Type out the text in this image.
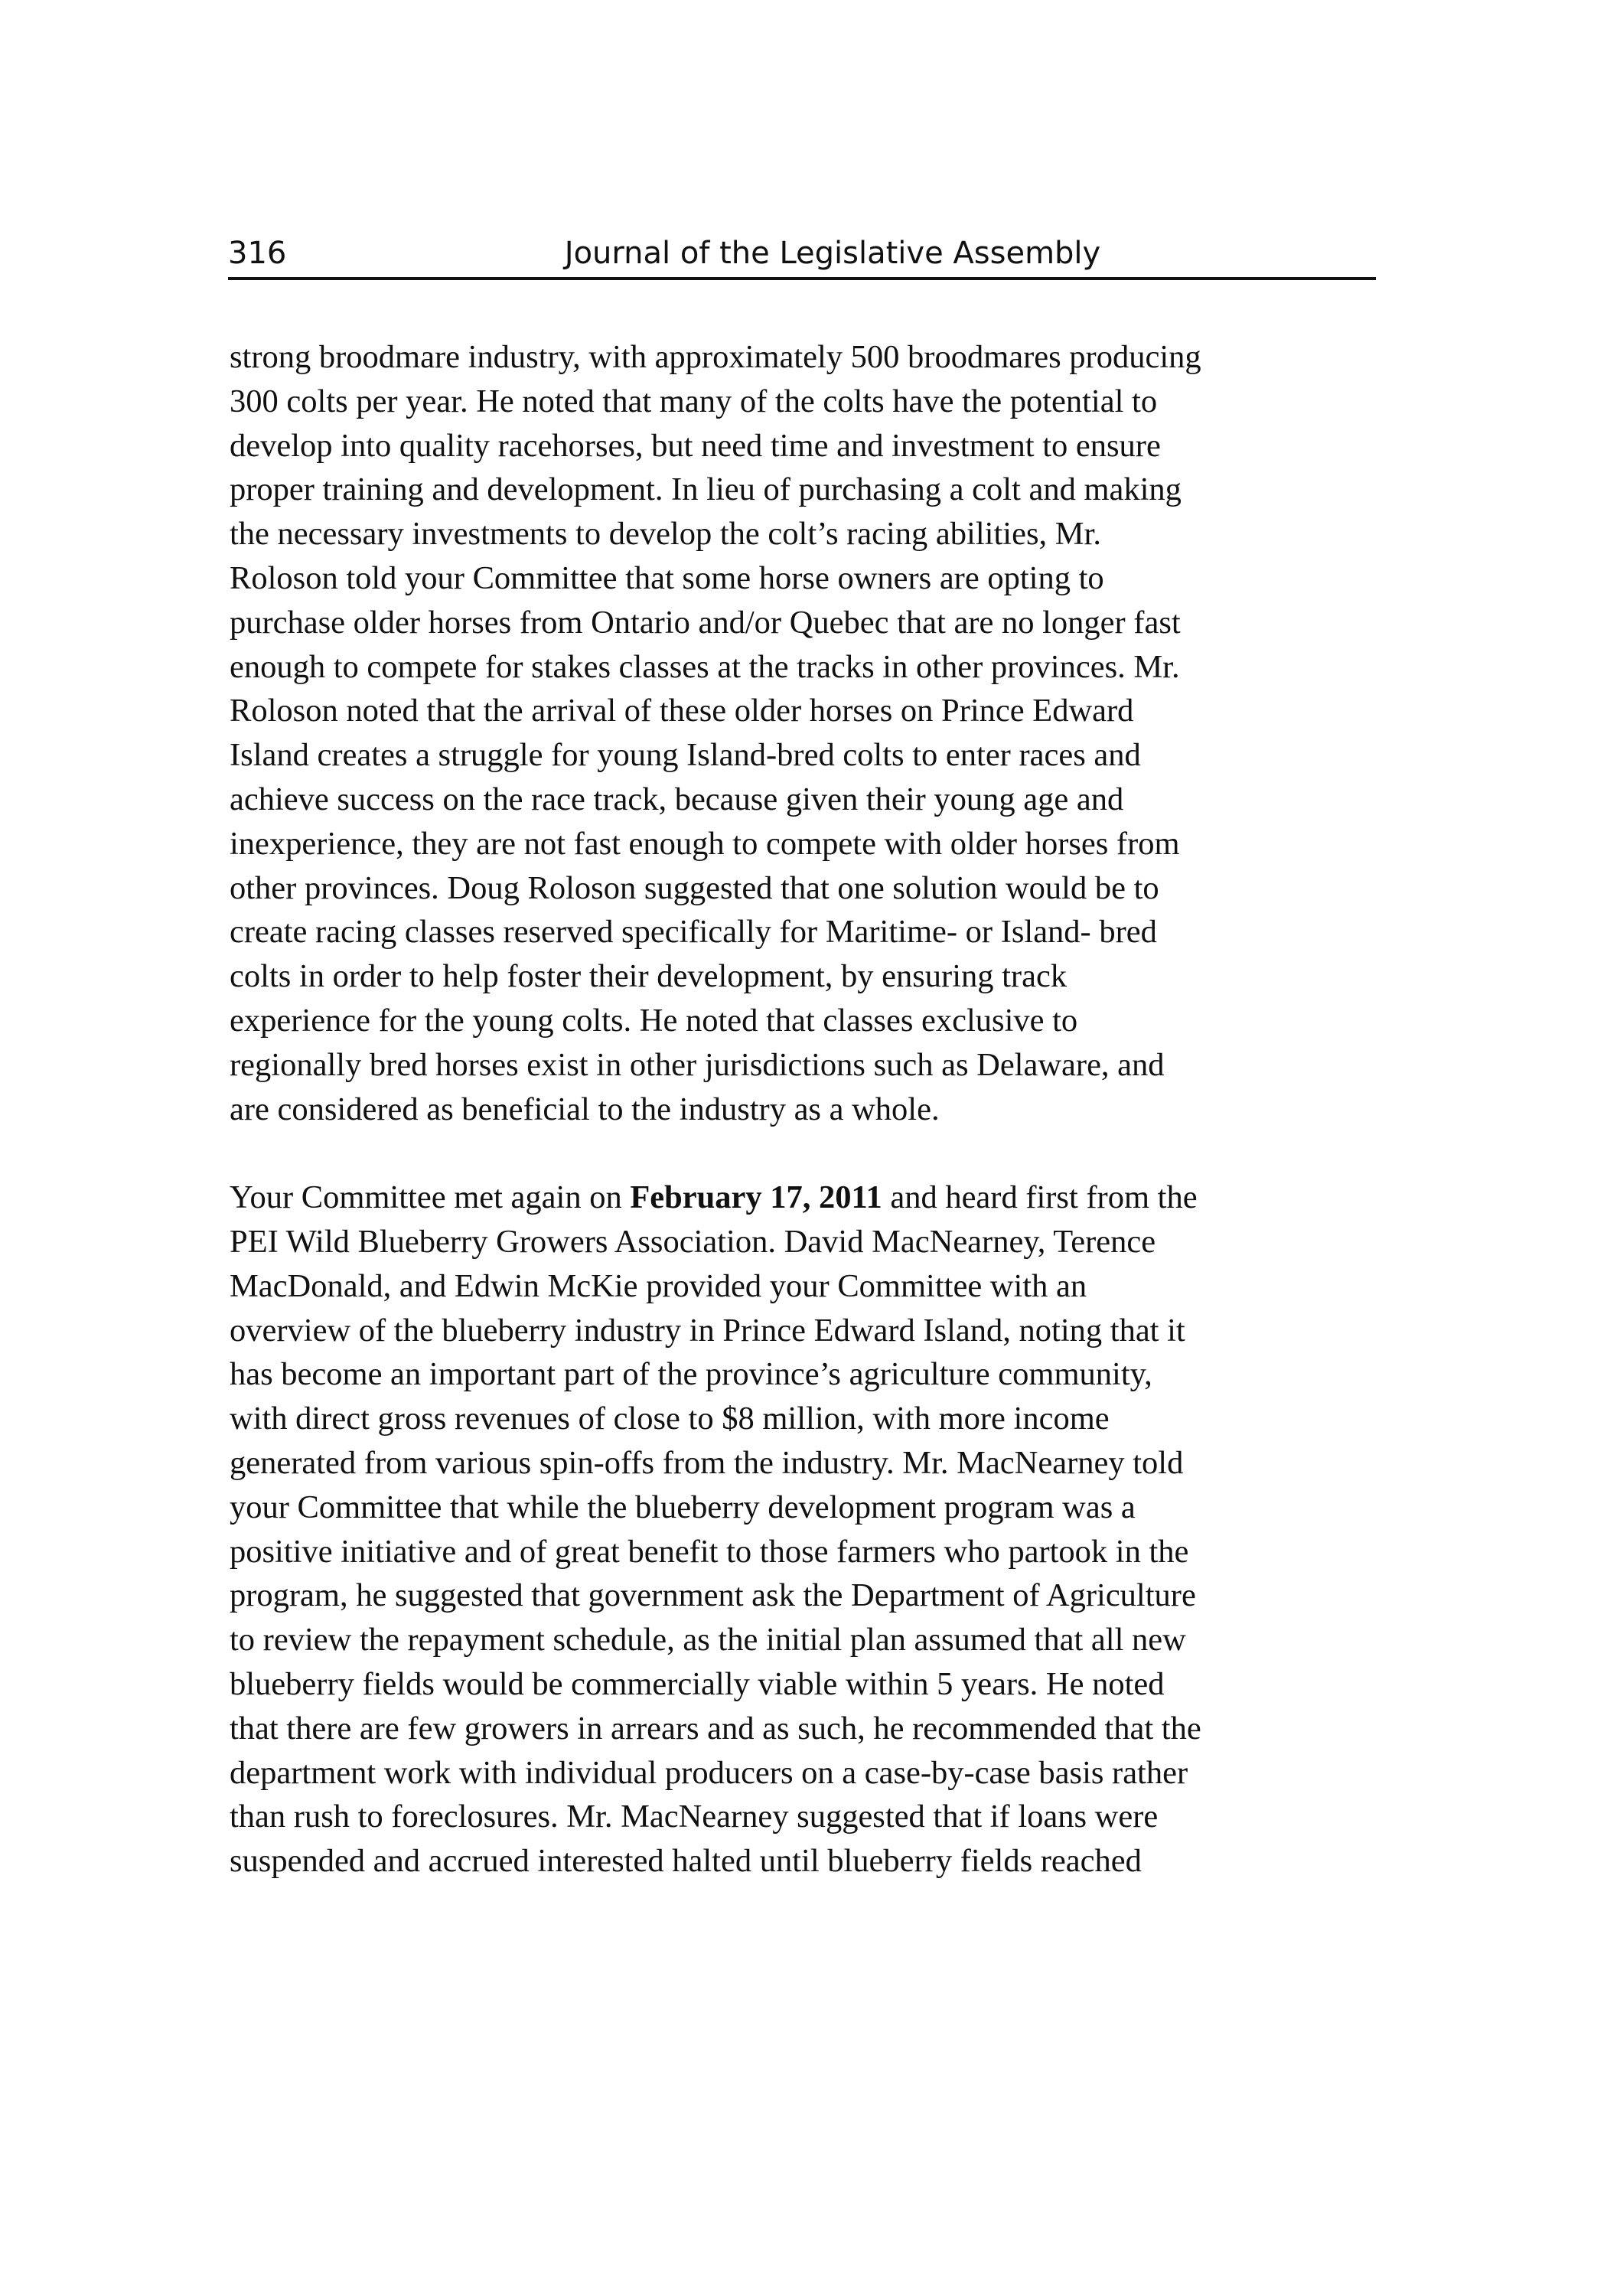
316	Journal of the Legislative Assembly

strong broodmare industry, with approximately 500 broodmares producing
300 colts per year. He noted that many of the colts have the potential to
develop into quality racehorses, but need time and investment to ensure
proper training and development. In lieu of purchasing a colt and making
the necessary investments to develop the colt’s racing abilities, Mr.
Roloson told your Committee that some horse owners are opting to
purchase older horses from Ontario and/or Quebec that are no longer fast
enough to compete for stakes classes at the tracks in other provinces. Mr.
Roloson noted that the arrival of these older horses on Prince Edward
Island creates a struggle for young Island-bred colts to enter races and
achieve success on the race track, because given their young age and
inexperience, they are not fast enough to compete with older horses from
other provinces. Doug Roloson suggested that one solution would be to
create racing classes reserved specifically for Maritime- or Island- bred
colts in order to help foster their development, by ensuring track
experience for the young colts. He noted that classes exclusive to
regionally bred horses exist in other jurisdictions such as Delaware, and
are considered as beneficial to the industry as a whole.

Your Committee met again on February 17, 2011 and heard first from the
PEI Wild Blueberry Growers Association. David MacNearney, Terence
MacDonald, and Edwin McKie provided your Committee with an
overview of the blueberry industry in Prince Edward Island, noting that it
has become an important part of the province’s agriculture community,
with direct gross revenues of close to $8 million, with more income
generated from various spin-offs from the industry. Mr. MacNearney told
your Committee that while the blueberry development program was a
positive initiative and of great benefit to those farmers who partook in the
program, he suggested that government ask the Department of Agriculture
to review the repayment schedule, as the initial plan assumed that all new
blueberry fields would be commercially viable within 5 years. He noted
that there are few growers in arrears and as such, he recommended that the
department work with individual producers on a case-by-case basis rather
than rush to foreclosures. Mr. MacNearney suggested that if loans were
suspended and accrued interested halted until blueberry fields reached
